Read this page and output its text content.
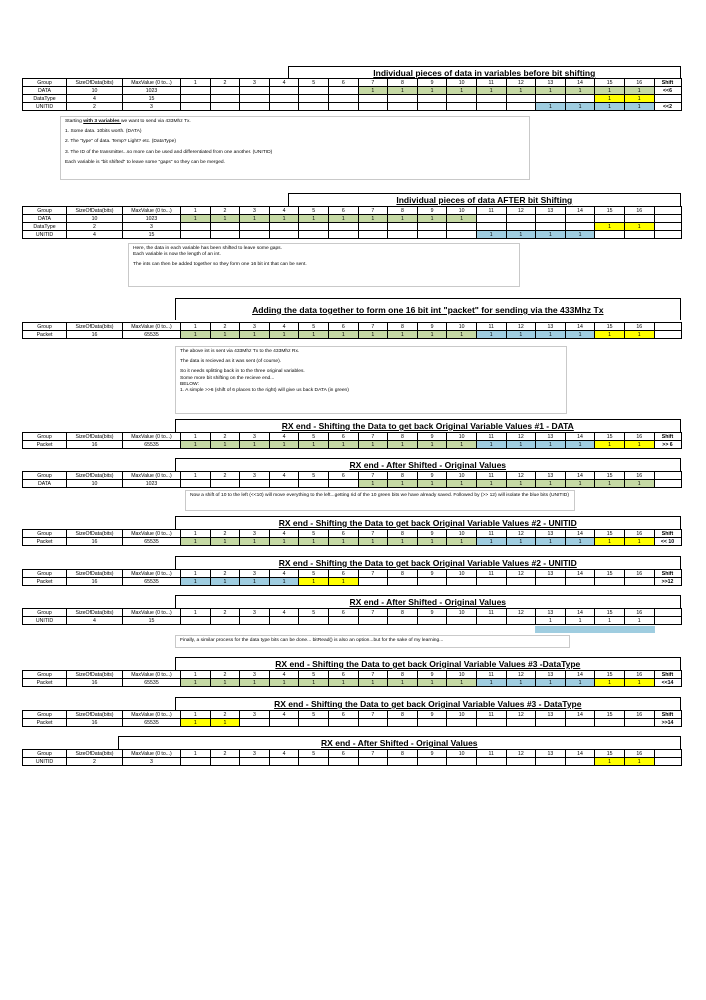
Individual pieces of data in variables before bit shifting
Group	SizeOfData(bits)	MaxValue (0 to...)	1	2	3	4	5	6	7	8	9	10	11	12	13	14	15	16	Shift
DATA	10	1023							1	1	1	1	1	1	1	1	1	1	<<6
DataType	4	15															1	1	
UNITID	2	3													1	1	1	1	<<2
Individual pieces of data AFTER bit Shifting
Group	SizeOfData(bits)	MaxValue (0 to...)	1	2	3	4	5	6	7	8	9	10	11	12	13	14	15	16	
DATA	10	1023	1	1	1	1	1	1	1	1	1	1							
DataType	2	3															1	1	
UNITID	4	15											1	1	1	1			
Adding the data together to form one 16 bit int "packet" for sending via the 433Mhz Tx
Group	SizeOfData(bits)	MaxValue (0 to...)	1	2	3	4	5	6	7	8	9	10	11	12	13	14	15	16	
Packet	16	65535	1	1	1	1	1	1	1	1	1	1	1	1	1	1	1	1	
RX end - Shifting the Data to get back Original Variable Values #1 - DATA
Group	SizeOfData(bits)	MaxValue (0 to...)	1	2	3	4	5	6	7	8	9	10	11	12	13	14	15	16	Shift
Packet	16	65535	1	1	1	1	1	1	1	1	1	1	1	1	1	1	1	1	>> 6
RX end - After Shifted - Original Values
Group	SizeOfData(bits)	MaxValue (0 to...)	1	2	3	4	5	6	7	8	9	10	11	12	13	14	15	16	
DATA	10	1023							1	1	1	1	1	1	1	1	1	1	
RX end - Shifting the Data to get back Original Variable Values #2 - UNITID
Group	SizeOfData(bits)	MaxValue (0 to...)	1	2	3	4	5	6	7	8	9	10	11	12	13	14	15	16	Shift
Packet	16	65535	1	1	1	1	1	1	1	1	1	1	1	1	1	1	1	1	<< 10
RX end - Shifting the Data to get back Original Variable Values #2 - UNITID
Group	SizeOfData(bits)	MaxValue (0 to...)	1	2	3	4	5	6	7	8	9	10	11	12	13	14	15	16	Shift
Packet	16	65535	1	1	1	1	1	1											>>12
RX end - After Shifted - Original Values
Group	SizeOfData(bits)	MaxValue (0 to...)	1	2	3	4	5	6	7	8	9	10	11	12	13	14	15	16	
UNITID	4	15													1	1	1	1	
RX end - Shifting the Data to get back Original Variable Values #3 -DataType
Group	SizeOfData(bits)	MaxValue (0 to...)	1	2	3	4	5	6	7	8	9	10	11	12	13	14	15	16	Shift
Packet	16	65535	1	1	1	1	1	1	1	1	1	1	1	1	1	1	1	1	<<14
RX end - Shifting the Data to get back Original Variable Values #3 - DataType
Group	SizeOfData(bits)	MaxValue (0 to...)	1	2	3	4	5	6	7	8	9	10	11	12	13	14	15	16	Shift
Packet	16	65535	1	1															>>14
RX end - After Shifted - Original Values
Group	SizeOfData(bits)	MaxValue (0 to...)	1	2	3	4	5	6	7	8	9	10	11	12	13	14	15	16	
UNITID	2	3															1	1	

Starting with 3 variables we want to send via 433Mhz Tx.

1. Some data. 10bits worth. (DATA)

2. The "type" of data. Temp? Light? etc. (DataType)

3. The ID of the transmitter...so more can be used and differentiated from one another. (UNITID)

Each variable is "bit shifted" to leave some "gaps" so they can be merged.

Here, the data in each variable has been shifted to leave some gaps.

Each variable is now the length of an int.

The ints can then be added together so they form one 16 bit int that can be sent.

The above int is sent via 433Mhz Tx to the 433Mhz Rx.

The data is recieved as it was sent (of course).

So it needs splitting back in to the three original variables.

Some more bit shifting on the recieve end...

BELOW:

1. A simple >>6 (shift of 6 places to the right) will give us back DATA (in green)

Now a shift of 10 to the left (<<10) will move everything to the left...getting rid of the 10 green bits we have already saved. Followed by (>> 12) will isolate the blue bits (UNITID)

Finally, a similar process for the data type bits can be done... bitRead() is also an option...but for the sake of my learning...
